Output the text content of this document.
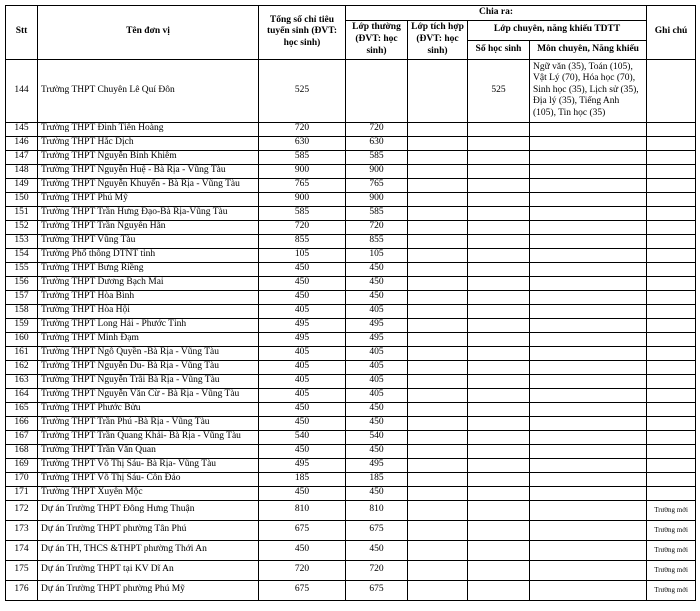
Stt	Tên đơn vị	Tổng số chỉ tiêu tuyển sinh (ĐVT: học sinh)	Chia ra:				Ghi chú
			Lớp thường (ĐVT: học sinh)	Lớp tích hợp (ĐVT: học sinh)	Lớp chuyên, năng khiếu TDTT		
					Số học sinh	Môn chuyên, Năng khiếu	
144	Trường THPT Chuyên Lê Quí Đôn	525			525	Ngữ văn (35), Toán (105), Vật Lý (70), Hóa học (70), Sinh học (35), Lịch sử (35), Địa lý (35), Tiếng Anh (105), Tin học (35)	
145	Trường THPT Đinh Tiên Hoàng	720	720				
146	Trường THPT Hắc Dịch	630	630				
147	Trường THPT Nguyễn Bỉnh Khiêm	585	585				
148	Trường THPT Nguyễn Huệ - Bà Rịa - Vũng Tàu	900	900				
149	Trường THPT Nguyễn Khuyến - Bà Rịa - Vũng Tàu	765	765				
150	Trường THPT Phú Mỹ	900	900				
151	Trường THPT Trần Hưng Đạo-Bà Rịa-Vũng Tàu	585	585				
152	Trường THPT Trần Nguyên Hãn	720	720				
153	Trường THPT Vũng Tàu	855	855				
154	Trường Phổ thông DTNT tỉnh	105	105				
155	Trường THPT Bưng Riềng	450	450				
156	Trường THPT Dương Bạch Mai	450	450				
157	Trường THPT Hòa Bình	450	450				
158	Trường THPT Hòa Hội	405	405				
159	Trường THPT Long Hải - Phước Tỉnh	495	495				
160	Trường THPT Minh Đạm	495	495				
161	Trường THPT Ngô Quyền -Bà Rịa - Vũng Tàu	405	405				
162	Trường THPT Nguyễn Du- Bà Rịa - Vũng Tàu	405	405				
163	Trường THPT Nguyễn Trãi Bà Rịa - Vũng Tàu	405	405				
164	Trường THPT Nguyễn Văn Cừ - Bà Rịa - Vũng Tàu	405	405				
165	Trường THPT Phước Bửu	450	450				
166	Trường THPT Trần Phú -Bà Rịa - Vũng Tàu	450	450				
167	Trường THPT Trần Quang Khải- Bà Rịa - Vũng Tàu	540	540				
168	Trường THPT Trần Văn Quan	450	450				
169	Trường THPT Võ Thị Sáu- Bà Rịa- Vũng Tàu	495	495				
170	Trường THPT Võ Thị Sáu- Côn Đảo	185	185				
171	Trường THPT Xuyên Mộc	450	450				
172	Dự án Trường THPT Đông Hưng Thuận	810	810				Trường mới
173	Dự án Trường THPT phường Tân Phú	675	675				Trường mới
174	Dự án TH, THCS &THPT phường Thới An	450	450				Trường mới
175	Dự án Trường THPT tại KV Dĩ An	720	720				Trường mới
176	Dự án Trường THPT phường Phú Mỹ	675	675				Trường mới
